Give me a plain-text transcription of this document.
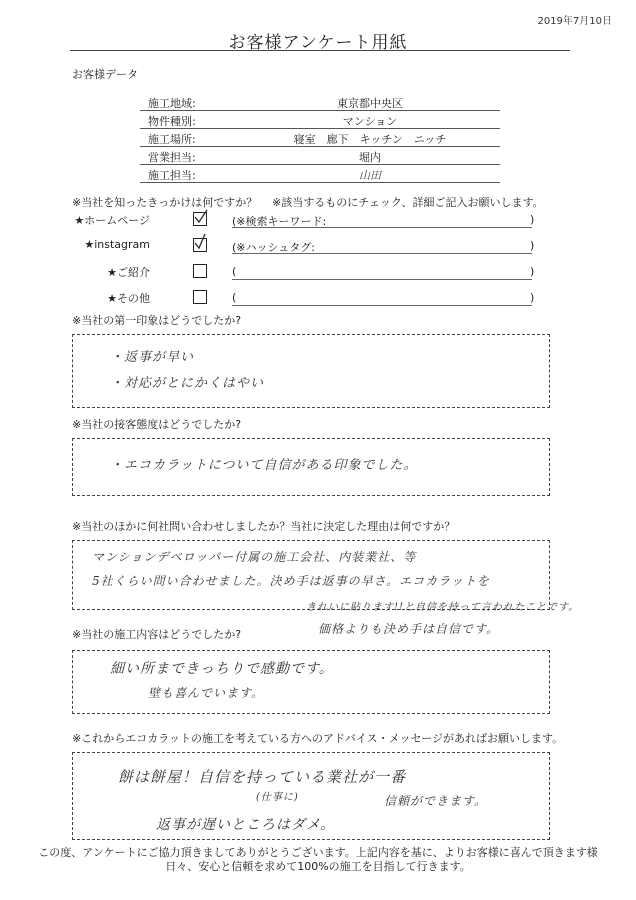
2019年7月10日
お客様アンケート用紙
お客様データ
施工地域:	東京都中央区
物件種別:	マンション
施工場所:	寝室　廊下　キッチン　ニッチ
営業担当:	堀内
施工担当:	山田
※当社を知ったきっかけは何ですか？ ※該当するものにチェック、詳細ご記入お願いします。
★ホームページ	(※検索キーワード:	)
★instagram	(※ハッシュタグ:	)
★ご紹介	(	)
★その他	(	)
※当社の第一印象はどうでしたか?
・返事が早い
・対応がとにかくはやい
※当社の接客態度はどうでしたか?
・エコカラットについて自信がある印象でした。
※当社のほかに何社問い合わせしましたか？当社に決定した理由は何ですか？
マンションデベロッパー付属の施工会社、内装業社、等
5社くらい問い合わせました。決め手は返事の早さ。エコカラットを
きれいに貼ります!!と自信を持って言われたことです。
価格よりも決め手は自信です。
※当社の施工内容はどうでしたか?
細い所まできっちりで感動です。
壁も喜んでいます。
※これからエコカラットの施工を考えている方へのアドバイス・メッセージがあればお願いします。
餅は餅屋！自信を持っている業社が一番
(仕事に)	信頼ができます。
返事が遅いところはダメ。
この度、アンケートにご協力頂きましてありがとうございます。上記内容を基に、よりお客様に喜んで頂きます様
日々、安心と信頼を求めて100%の施工を目指して行きます。
